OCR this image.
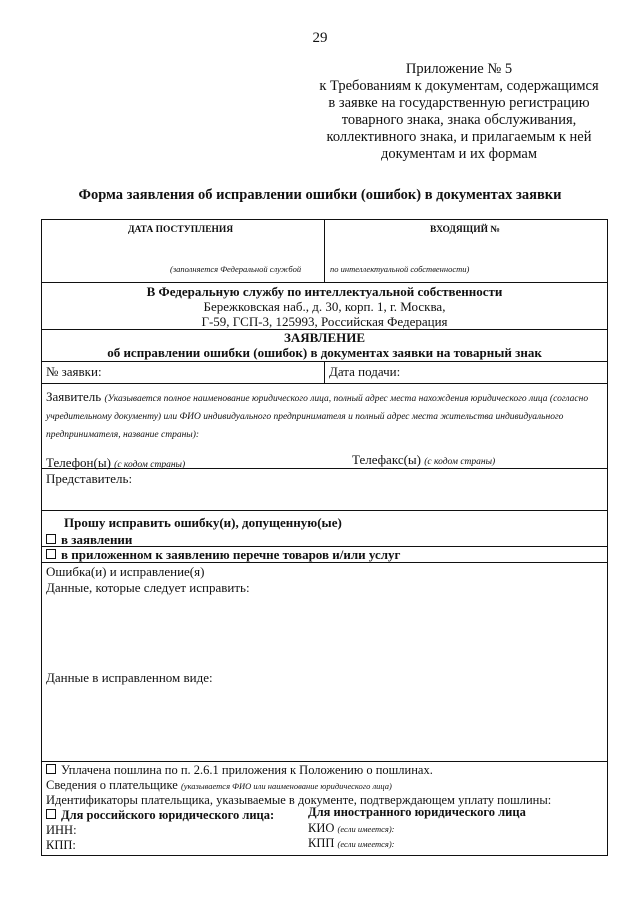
29
Приложение № 5
к Требованиям к документам, содержащимся
в заявке на государственную регистрацию
товарного знака, знака обслуживания,
коллективного знака, и прилагаемым к ней
документам и их формам
Форма заявления об исправлении ошибки (ошибок) в документах заявки
ДАТА ПОСТУПЛЕНИЯ	ВХОДЯЩИЙ №
(заполняется Федеральной службой	по интеллектуальной собственности)
В Федеральную службу по интеллектуальной собственности
Бережковская наб., д. 30, корп. 1, г. Москва,
Г-59, ГСП-3, 125993, Российская Федерация
ЗАЯВЛЕНИЕ
об исправлении ошибки (ошибок) в документах заявки на товарный знак
№ заявки:	Дата подачи:
Заявитель (Указывается полное наименование юридического лица, полный адрес места нахождения юридического лица (согласно учредительному документу) или ФИО индивидуального предпринимателя и полный адрес места жительства индивидуального предпринимателя, название страны):
Телефон(ы) (с кодом страны)	Телефакс(ы) (с кодом страны)
Представитель:
Прошу исправить ошибку(и), допущенную(ые)
в заявлении
в приложенном к заявлению перечне товаров и/или услуг
Ошибка(и) и исправление(я)
Данные, которые следует исправить:
Данные в исправленном виде:
Уплачена пошлина по п. 2.6.1 приложения к Положению о пошлинах.
Сведения о плательщике (указывается ФИО или наименование юридического лица)
Идентификаторы плательщика, указываемые в документе, подтверждающем уплату пошлины:
Для российского юридического лица:	Для иностранного юридического лица
ИНН:	КИО (если имеется):
КПП:	КПП (если имеется):
